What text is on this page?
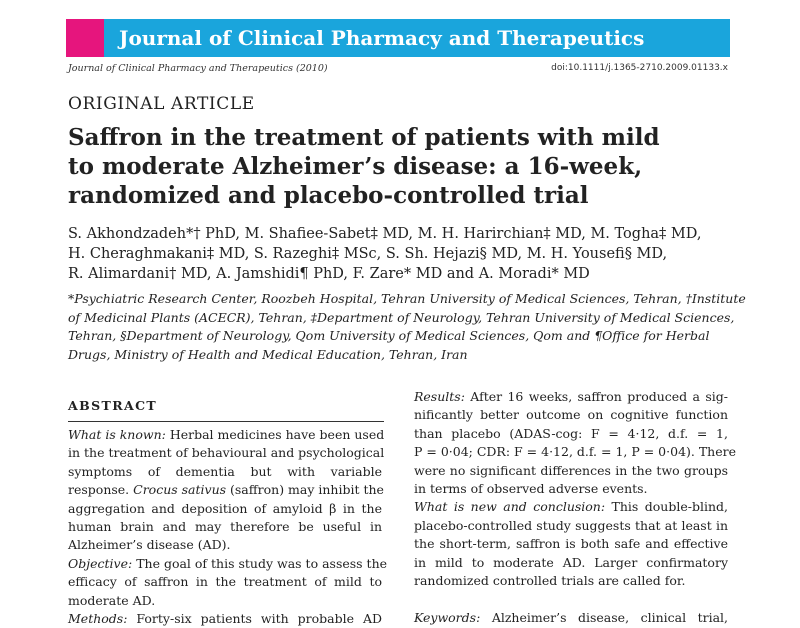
Journal of Clinical Pharmacy and Therapeutics
Journal of Clinical Pharmacy and Therapeutics (2010)	doi:10.1111/j.1365-2710.2009.01133.x
ORIGINAL ARTICLE
Saffron in the treatment of patients with mild
to moderate Alzheimer’s disease: a 16-week,
randomized and placebo-controlled trial
S. Akhondzadeh*† PhD, M. Shafiee-Sabet‡ MD, M. H. Harirchian‡ MD, M. Togha‡ MD,
H. Cheraghmakani‡ MD, S. Razeghi‡ MSc, S. Sh. Hejazi§ MD, M. H. Yousefi§ MD,
R. Alimardani† MD, A. Jamshidi¶ PhD, F. Zare* MD and A. Moradi* MD
*Psychiatric Research Center, Roozbeh Hospital, Tehran University of Medical Sciences, Tehran, †Institute
of Medicinal Plants (ACECR), Tehran, ‡Department of Neurology, Tehran University of Medical Sciences,
Tehran, §Department of Neurology, Qom University of Medical Sciences, Qom and ¶Office for Herbal
Drugs, Ministry of Health and Medical Education, Tehran, Iran
ABSTRACT
What is known: Herbal medicines have been used
in the treatment of behavioural and psychological
symptoms of dementia but with variable
response. Crocus sativus (saffron) may inhibit the
aggregation and deposition of amyloid β in the
human brain and may therefore be useful in
Alzheimer’s disease (AD).
Objective: The goal of this study was to assess the
efficacy of saffron in the treatment of mild to
moderate AD.
Methods: Forty-six patients with probable AD
Results: After 16 weeks, saffron produced a sig-
nificantly better outcome on cognitive function
than placebo (ADAS-cog: F = 4·12, d.f. = 1,
P = 0·04; CDR: F = 4·12, d.f. = 1, P = 0·04). There
were no significant differences in the two groups
in terms of observed adverse events.
What is new and conclusion: This double-blind,
placebo-controlled study suggests that at least in
the short-term, saffron is both safe and effective
in mild to moderate AD. Larger confirmatory
randomized controlled trials are called for.

Keywords: Alzheimer’s disease, clinical trial,
